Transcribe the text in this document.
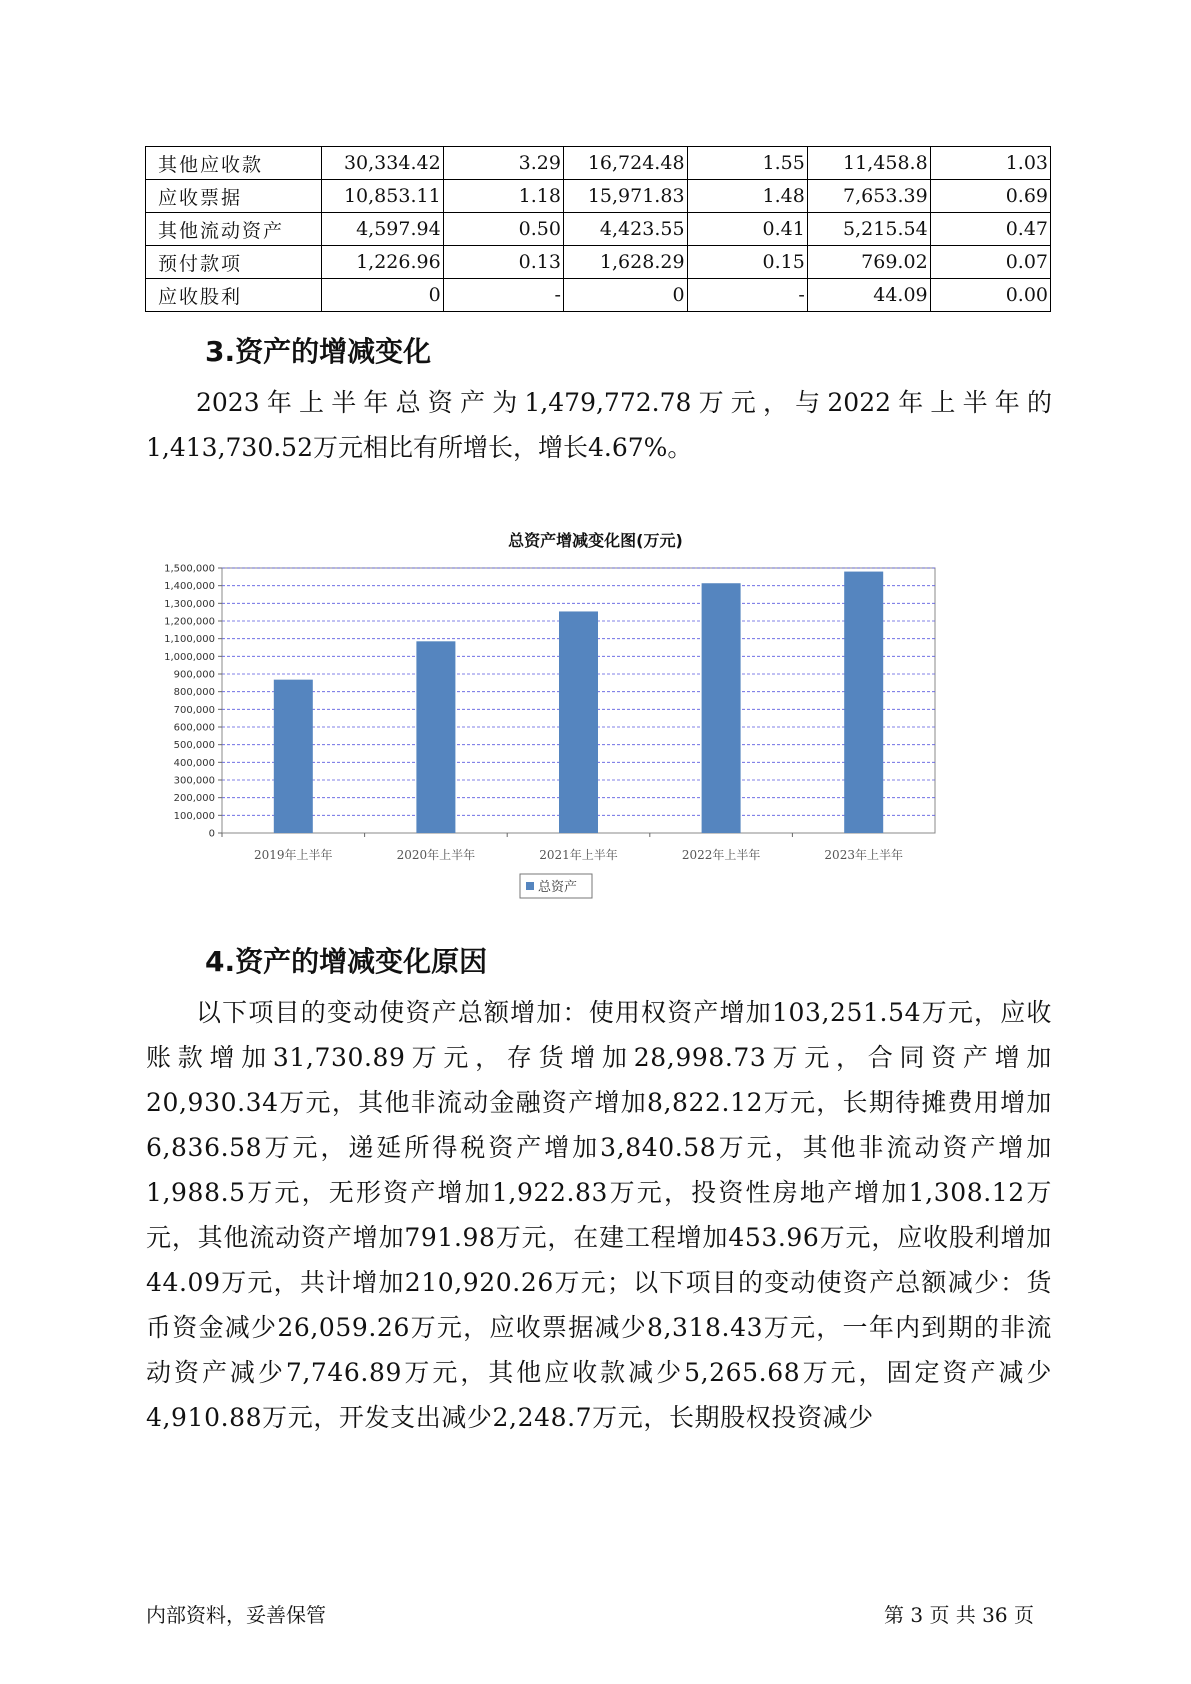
其他应收款	30,334.42	3.29	16,724.48	1.55	11,458.8	1.03
应收票据	10,853.11	1.18	15,971.83	1.48	7,653.39	0.69
其他流动资产	4,597.94	0.50	4,423.55	0.41	5,215.54	0.47
预付款项	1,226.96	0.13	1,628.29	0.15	769.02	0.07
应收股利	0	-	0	-	44.09	0.00
3.资产的增减变化

2023年上半年总资产为1,479,772.78万元，与2022年上半年的1,413,730.52万元相比有所增长，增长4.67%。

总资产增减变化图(万元)
0
100,000
200,000
300,000
400,000
500,000
600,000
700,000
800,000
900,000
1,000,000
1,100,000
1,200,000
1,300,000
1,400,000
1,500,000
2019年上半年	2020年上半年	2021年上半年	2022年上半年	2023年上半年
总资产
4.资产的增减变化原因

以下项目的变动使资产总额增加：使用权资产增加103,251.54万元，应收账款增加31,730.89万元，存货增加28,998.73万元，合同资产增加20,930.34万元，其他非流动金融资产增加8,822.12万元，长期待摊费用增加6,836.58万元，递延所得税资产增加3,840.58万元，其他非流动资产增加1,988.5万元，无形资产增加1,922.83万元，投资性房地产增加1,308.12万元，其他流动资产增加791.98万元，在建工程增加453.96万元，应收股利增加44.09万元，共计增加210,920.26万元；以下项目的变动使资产总额减少：货币资金减少26,059.26万元，应收票据减少8,318.43万元，一年内到期的非流动资产减少7,746.89万元，其他应收款减少5,265.68万元，固定资产减少4,910.88万元，开发支出减少2,248.7万元，长期股权投资减少

内部资料，妥善保管	第 3 页 共 36 页
